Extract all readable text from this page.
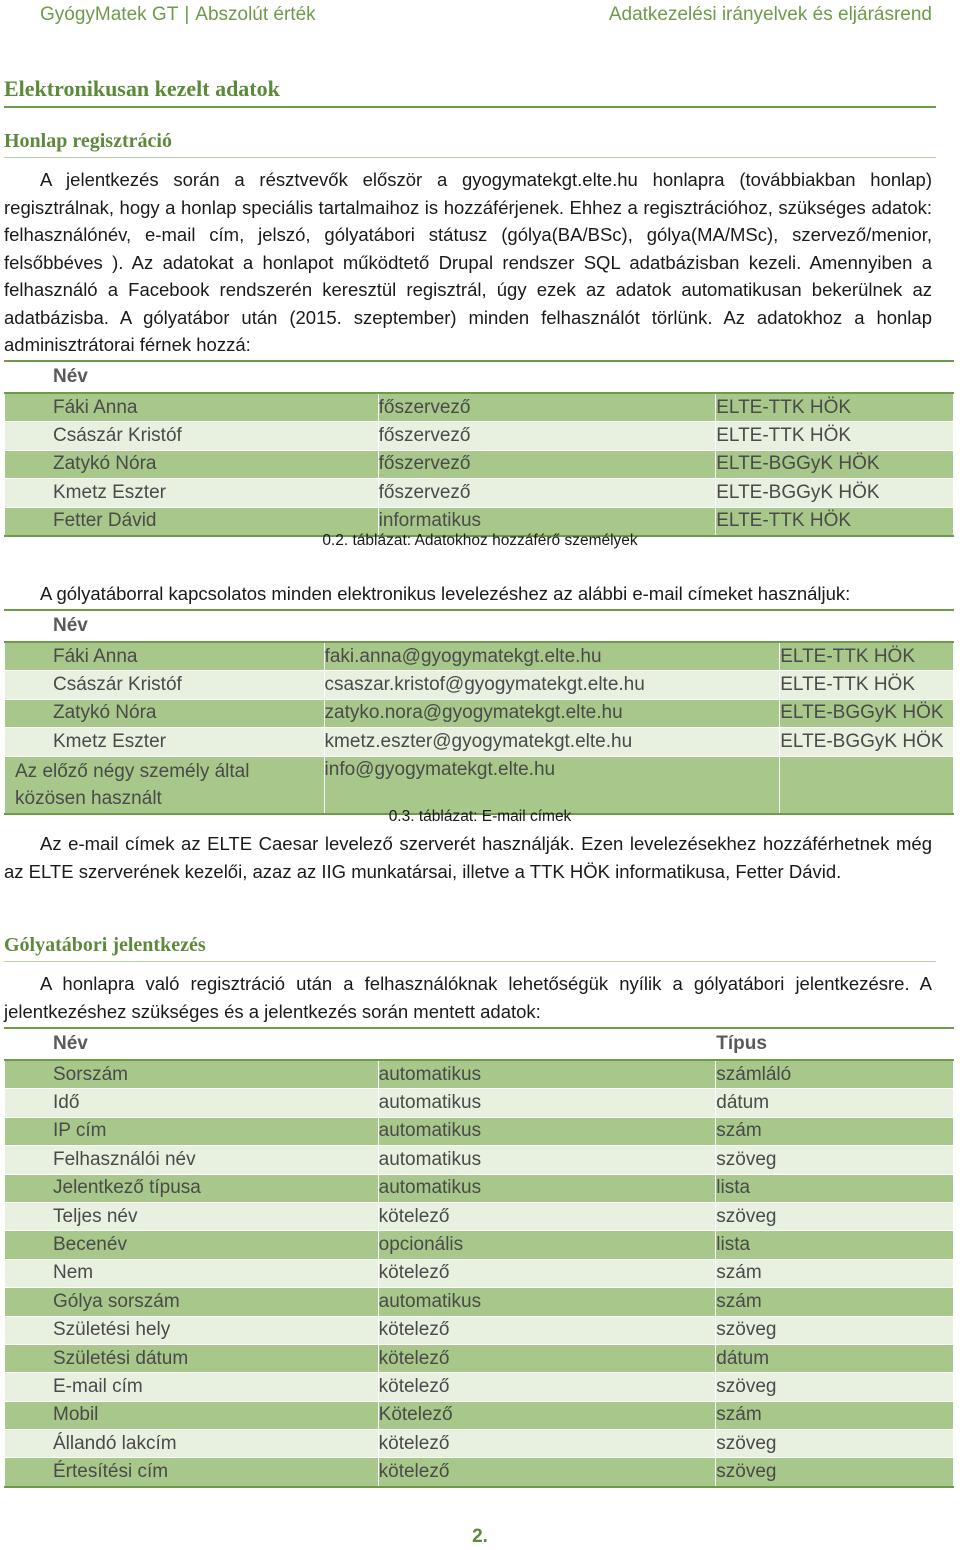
GyógyMatek GT | Abszolút érték	Adatkezelési irányelvek és eljárásrend
Elektronikusan kezelt adatok
Honlap regisztráció

A jelentkezés során a résztvevők először a gyogymatekgt.elte.hu honlapra (továbbiakban honlap) regisztrálnak, hogy a honlap speciális tartalmaihoz is hozzáférjenek. Ehhez a regisztrációhoz, szükséges adatok: felhasználónév, e-mail cím, jelszó, gólyatábori státusz (gólya(BA/BSc), gólya(MA/MSc), szervező/menior, felsőbbéves ). Az adatokat a honlapot működtető Drupal rendszer SQL adatbázisban kezeli. Amennyiben a felhasználó a Facebook rendszerén keresztül regisztrál, úgy ezek az adatok automatikusan bekerülnek az adatbázisba. A gólyatábor után (2015. szeptember) minden felhasználót törlünk. Az adatokhoz a honlap adminisztrátorai férnek hozzá:

Név		
Fáki Anna	főszervező	ELTE-TTK HÖK
Császár Kristóf	főszervező	ELTE-TTK HÖK
Zatykó Nóra	főszervező	ELTE-BGGyK HÖK
Kmetz Eszter	főszervező	ELTE-BGGyK HÖK
Fetter Dávid	informatikus	ELTE-TTK HÖK
0.2. táblázat: Adatokhoz hozzáférő személyek

A gólyatáborral kapcsolatos minden elektronikus levelezéshez az alábbi e-mail címeket használjuk:

Név		
Fáki Anna	faki.anna@gyogymatekgt.elte.hu	ELTE-TTK HÖK
Császár Kristóf	csaszar.kristof@gyogymatekgt.elte.hu	ELTE-TTK HÖK
Zatykó Nóra	zatyko.nora@gyogymatekgt.elte.hu	ELTE-BGGyK HÖK
Kmetz Eszter	kmetz.eszter@gyogymatekgt.elte.hu	ELTE-BGGyK HÖK
Az előző négy személy által közösen használt	info@gyogymatekgt.elte.hu	
0.3. táblázat: E-mail címek

Az e-mail címek az ELTE Caesar levelező szerverét használják. Ezen levelezésekhez hozzáférhetnek még az ELTE szerverének kezelői, azaz az IIG munkatársai, illetve a TTK HÖK informatikusa, Fetter Dávid.

Gólyatábori jelentkezés

A honlapra való regisztráció után a felhasználóknak lehetőségük nyílik a gólyatábori jelentkezésre. A jelentkezéshez szükséges és a jelentkezés során mentett adatok:

Név		Típus
Sorszám	automatikus	számláló
Idő	automatikus	dátum
IP cím	automatikus	szám
Felhasználói név	automatikus	szöveg
Jelentkező típusa	automatikus	lista
Teljes név	kötelező	szöveg
Becenév	opcionális	lista
Nem	kötelező	szám
Gólya sorszám	automatikus	szám
Születési hely	kötelező	szöveg
Születési dátum	kötelező	dátum
E-mail cím	kötelező	szöveg
Mobil	Kötelező	szám
Állandó lakcím	kötelező	szöveg
Értesítési cím	kötelező	szöveg
2.
